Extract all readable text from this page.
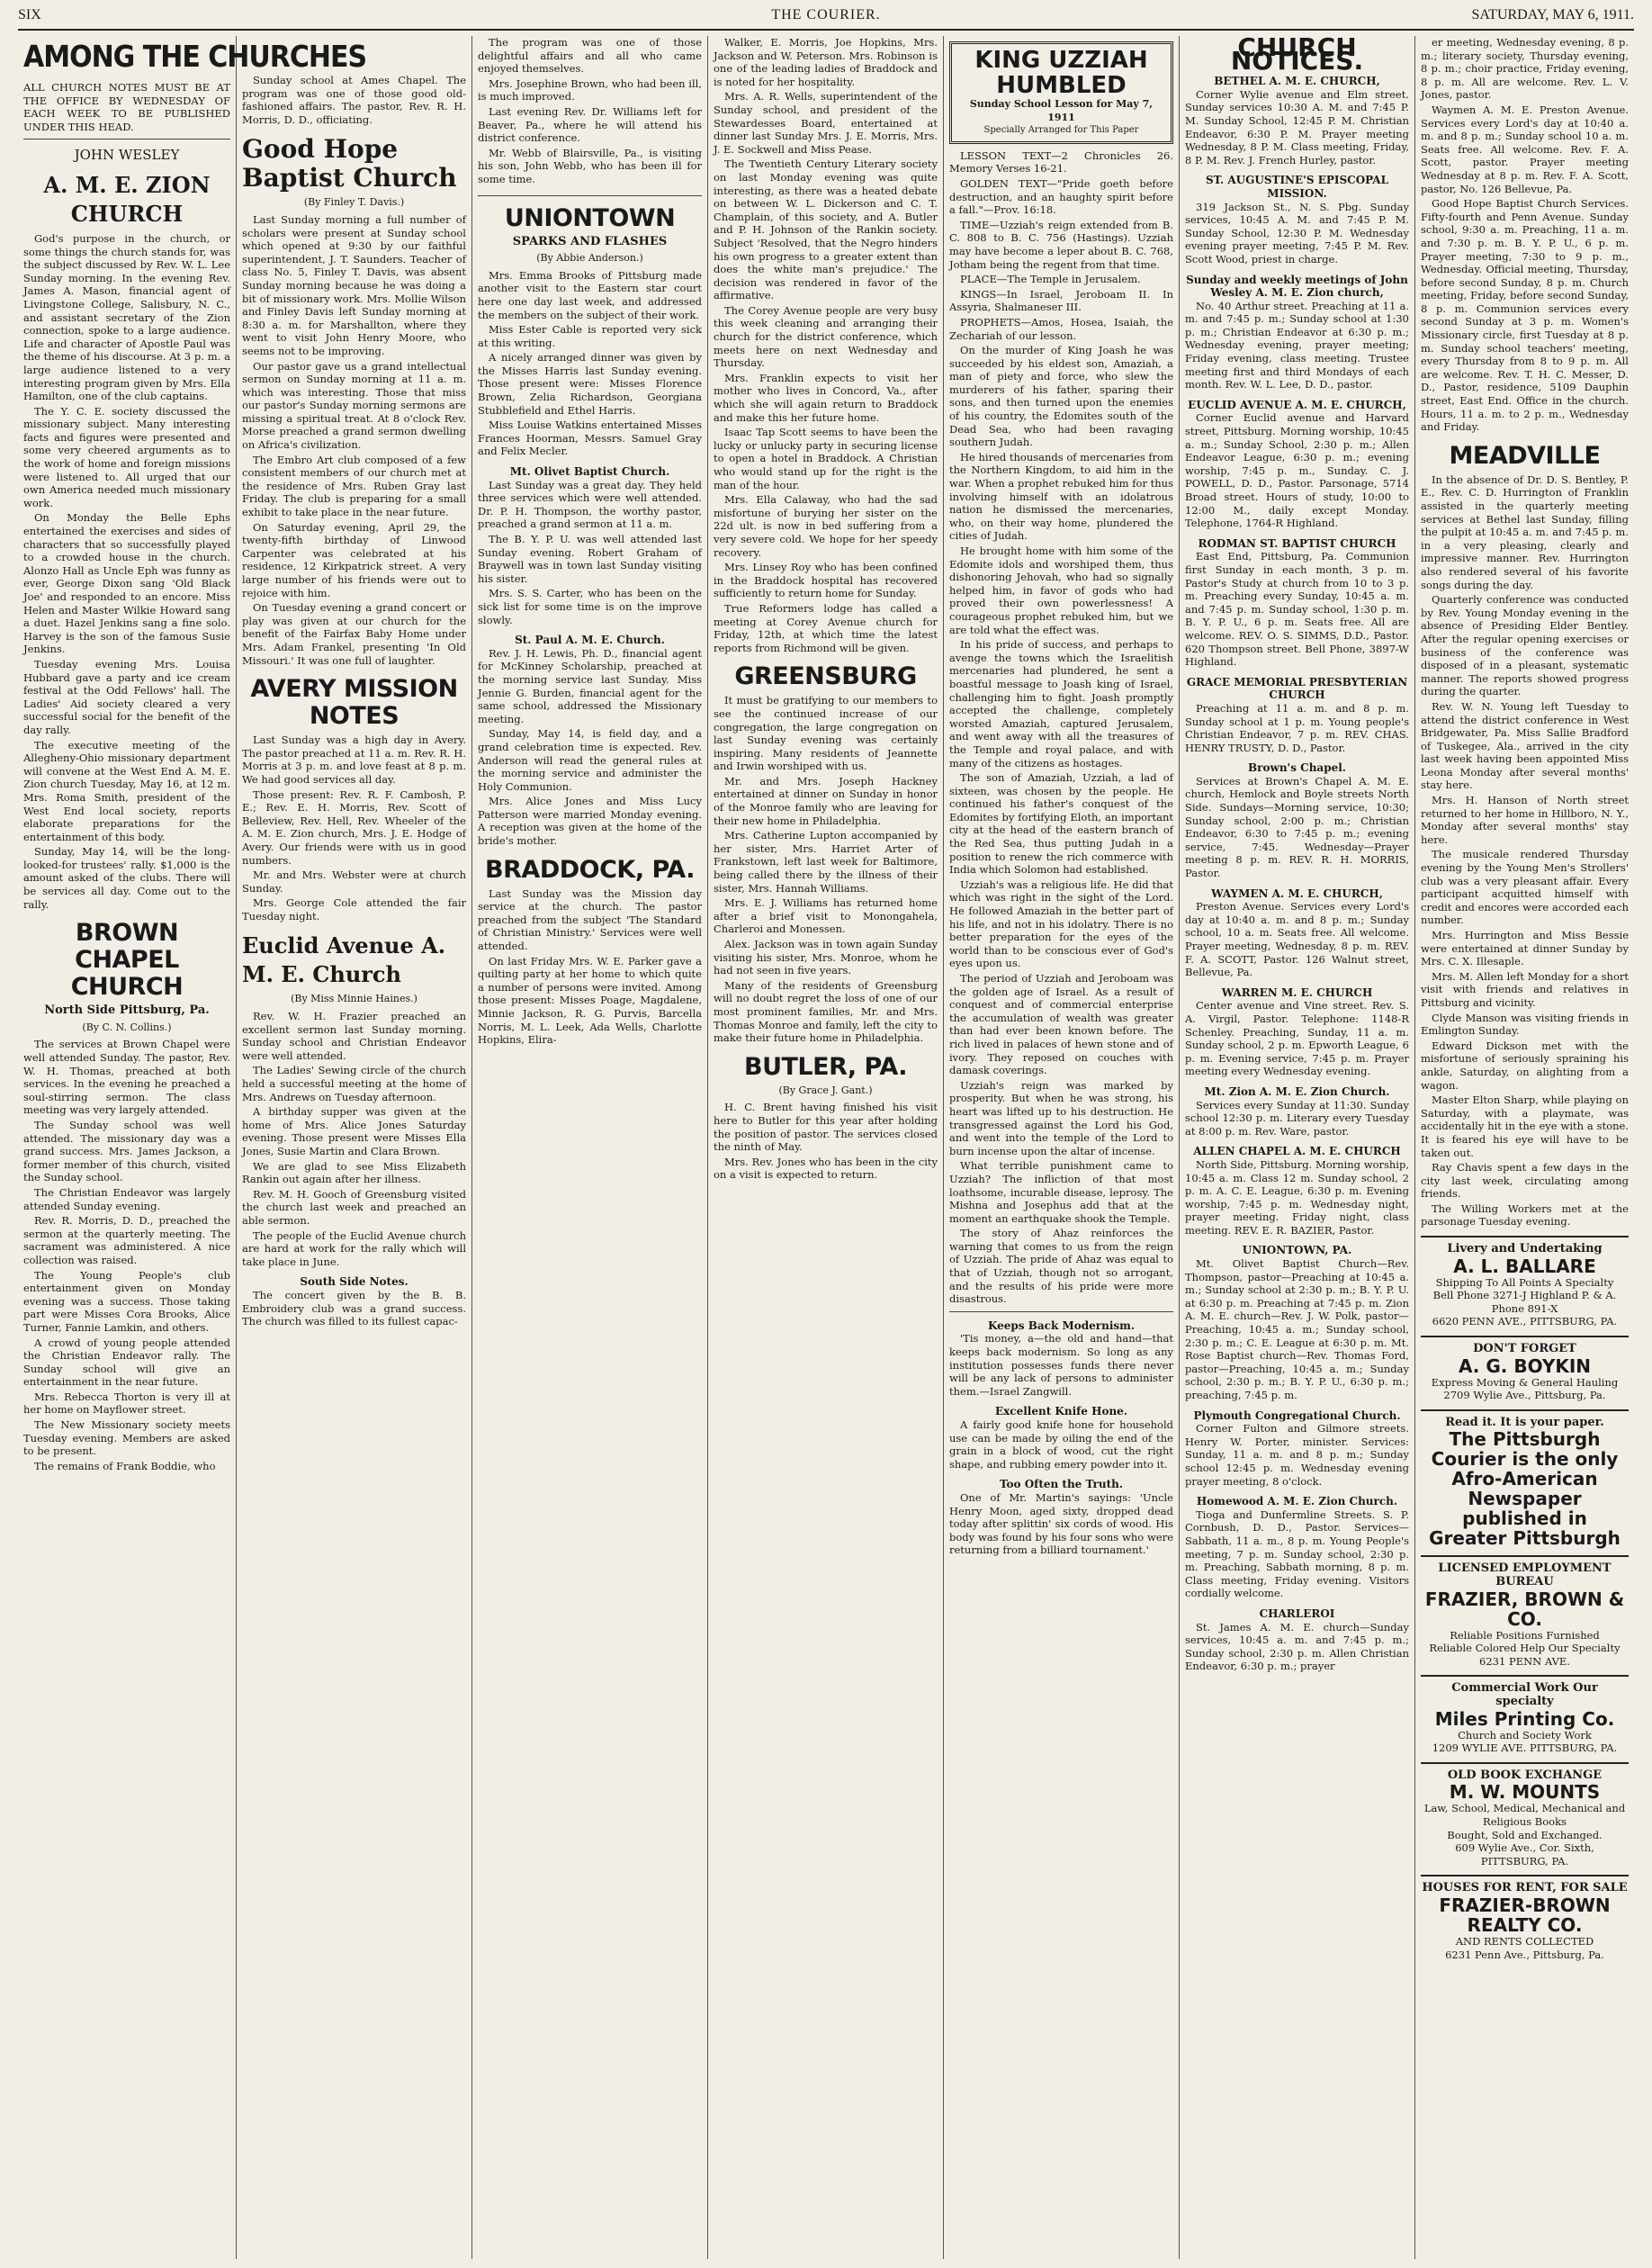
SIX	THE COURIER.	SATURDAY, MAY 6, 1911.
AMONG THE CHURCHES
ALL CHURCH NOTES MUST BE AT THE OFFICE BY WEDNESDAY OF EACH WEEK TO BE PUBLISHED UNDER THIS HEAD.
JOHN WESLEY
A. M. E. ZION CHURCH

God's purpose in the church, or some things the church stands for, was the subject discussed by Rev. W. L. Lee Sunday morning. In the evening Rev. James A. Mason, financial agent of Livingstone College, Salisbury, N. C., and assistant secretary of the Zion connection, spoke to a large audience. Life and character of Apostle Paul was the theme of his discourse. At 3 p. m. a large audience listened to a very interesting program given by Mrs. Ella Hamilton, one of the club captains.

The Y. C. E. society discussed the missionary subject. Many interesting facts and figures were presented and some very cheered arguments as to the work of home and foreign missions were listened to. All urged that our own America needed much missionary work.

On Monday the Belle Ephs entertained the exercises and sides of characters that so successfully played to a crowded house in the church. Alonzo Hall as Uncle Eph was funny as ever, George Dixon sang 'Old Black Joe' and responded to an encore. Miss Helen and Master Wilkie Howard sang a duet. Hazel Jenkins sang a fine solo. Harvey is the son of the famous Susie Jenkins.

Tuesday evening Mrs. Louisa Hubbard gave a party and ice cream festival at the Odd Fellows' hall. The Ladies' Aid society cleared a very successful social for the benefit of the day rally.

The executive meeting of the Allegheny-Ohio missionary department will convene at the West End A. M. E. Zion church Tuesday, May 16, at 12 m. Mrs. Roma Smith, president of the West End local society, reports elaborate preparations for the entertainment of this body.

Sunday, May 14, will be the long-looked-for trustees' rally. $1,000 is the amount asked of the clubs. There will be services all day. Come out to the rally.

BROWN CHAPEL CHURCH
North Side Pittsburg, Pa.
(By C. N. Collins.)

The services at Brown Chapel were well attended Sunday. The pastor, Rev. W. H. Thomas, preached at both services. In the evening he preached a soul-stirring sermon. The class meeting was very largely attended.

The Sunday school was well attended. The missionary day was a grand success. Mrs. James Jackson, a former member of this church, visited the Sunday school.

The Christian Endeavor was largely attended Sunday evening.

Rev. R. Morris, D. D., preached the sermon at the quarterly meeting. The sacrament was administered. A nice collection was raised.

The Young People's club entertainment given on Monday evening was a success. Those taking part were Misses Cora Brooks, Alice Turner, Fannie Lamkin, and others.

A crowd of young people attended the Christian Endeavor rally. The Sunday school will give an entertainment in the near future.

Mrs. Rebecca Thorton is very ill at her home on Mayflower street.

The New Missionary society meets Tuesday evening. Members are asked to be present.

The remains of Frank Boddie, who

Sunday school at Ames Chapel. The program was one of those good old-fashioned affairs. The pastor, Rev. R. H. Morris, D. D., officiating.

Good Hope Baptist Church
(By Finley T. Davis.)

Last Sunday morning a full number of scholars were present at Sunday school which opened at 9:30 by our faithful superintendent, J. T. Saunders. Teacher of class No. 5, Finley T. Davis, was absent Sunday morning because he was doing a bit of missionary work. Mrs. Mollie Wilson and Finley Davis left Sunday morning at 8:30 a. m. for Marshallton, where they went to visit John Henry Moore, who seems not to be improving.

Our pastor gave us a grand intellectual sermon on Sunday morning at 11 a. m. which was interesting. Those that miss our pastor's Sunday morning sermons are missing a spiritual treat. At 8 o'clock Rev. Morse preached a grand sermon dwelling on Africa's civilization.

The Embro Art club composed of a few consistent members of our church met at the residence of Mrs. Ruben Gray last Friday. The club is preparing for a small exhibit to take place in the near future.

On Saturday evening, April 29, the twenty-fifth birthday of Linwood Carpenter was celebrated at his residence, 12 Kirkpatrick street. A very large number of his friends were out to rejoice with him.

On Tuesday evening a grand concert or play was given at our church for the benefit of the Fairfax Baby Home under Mrs. Adam Frankel, presenting 'In Old Missouri.' It was one full of laughter.

AVERY MISSION NOTES

Last Sunday was a high day in Avery. The pastor preached at 11 a. m. Rev. R. H. Morris at 3 p. m. and love feast at 8 p. m. We had good services all day.

Those present: Rev. R. F. Cambosh, P. E.; Rev. E. H. Morris, Rev. Scott of Belleview, Rev. Hell, Rev. Wheeler of the A. M. E. Zion church, Mrs. J. E. Hodge of Avery. Our friends were with us in good numbers.

Mr. and Mrs. Webster were at church Sunday.

Mrs. George Cole attended the fair Tuesday night.

Euclid Avenue A. M. E. Church
(By Miss Minnie Haines.)

Rev. W. H. Frazier preached an excellent sermon last Sunday morning. Sunday school and Christian Endeavor were well attended.

The Ladies' Sewing circle of the church held a successful meeting at the home of Mrs. Andrews on Tuesday afternoon.

A birthday supper was given at the home of Mrs. Alice Jones Saturday evening. Those present were Misses Ella Jones, Susie Martin and Clara Brown.

We are glad to see Miss Elizabeth Rankin out again after her illness.

Rev. M. H. Gooch of Greensburg visited the church last week and preached an able sermon.

The people of the Euclid Avenue church are hard at work for the rally which will take place in June.

South Side Notes.

The concert given by the B. B. Embroidery club was a grand success. The church was filled to its fullest capac-

The program was one of those delightful affairs and all who came enjoyed themselves.

Mrs. Josephine Brown, who had been ill, is much improved.

Last evening Rev. Dr. Williams left for Beaver, Pa., where he will attend his district conference.

Mr. Webb of Blairsville, Pa., is visiting his son, John Webb, who has been ill for some time.

UNIONTOWN
SPARKS AND FLASHES
(By Abbie Anderson.)

Mrs. Emma Brooks of Pittsburg made another visit to the Eastern star court here one day last week, and addressed the members on the subject of their work.

Miss Ester Cable is reported very sick at this writing.

A nicely arranged dinner was given by the Misses Harris last Sunday evening. Those present were: Misses Florence Brown, Zelia Richardson, Georgiana Stubblefield and Ethel Harris.

Miss Louise Watkins entertained Misses Frances Hoorman, Messrs. Samuel Gray and Felix Mecler.

Mt. Olivet Baptist Church.

Last Sunday was a great day. They held three services which were well attended. Dr. P. H. Thompson, the worthy pastor, preached a grand sermon at 11 a. m.

The B. Y. P. U. was well attended last Sunday evening. Robert Graham of Braywell was in town last Sunday visiting his sister.

Mrs. S. S. Carter, who has been on the sick list for some time is on the improve slowly.

St. Paul A. M. E. Church.

Rev. J. H. Lewis, Ph. D., financial agent for McKinney Scholarship, preached at the morning service last Sunday. Miss Jennie G. Burden, financial agent for the same school, addressed the Missionary meeting.

Sunday, May 14, is field day, and a grand celebration time is expected. Rev. Anderson will read the general rules at the morning service and administer the Holy Communion.

Mrs. Alice Jones and Miss Lucy Patterson were married Monday evening. A reception was given at the home of the bride's mother.

BRADDOCK, PA.

Last Sunday was the Mission day service at the church. The pastor preached from the subject 'The Standard of Christian Ministry.' Services were well attended.

On last Friday Mrs. W. E. Parker gave a quilting party at her home to which quite a number of persons were invited. Among those present: Misses Poage, Magdalene, Minnie Jackson, R. G. Purvis, Barcella Norris, M. L. Leek, Ada Wells, Charlotte Hopkins, Elira-

Walker, E. Morris, Joe Hopkins, Mrs. Jackson and W. Peterson. Mrs. Robinson is one of the leading ladies of Braddock and is noted for her hospitality.

Mrs. A. R. Wells, superintendent of the Sunday school, and president of the Stewardesses Board, entertained at dinner last Sunday Mrs. J. E. Morris, Mrs. J. E. Sockwell and Miss Pease.

The Twentieth Century Literary society on last Monday evening was quite interesting, as there was a heated debate on between W. L. Dickerson and C. T. Champlain, of this society, and A. Butler and P. H. Johnson of the Rankin society. Subject 'Resolved, that the Negro hinders his own progress to a greater extent than does the white man's prejudice.' The decision was rendered in favor of the affirmative.

The Corey Avenue people are very busy this week cleaning and arranging their church for the district conference, which meets here on next Wednesday and Thursday.

Mrs. Franklin expects to visit her mother who lives in Concord, Va., after which she will again return to Braddock and make this her future home.

Isaac Tap Scott seems to have been the lucky or unlucky party in securing license to open a hotel in Braddock. A Christian who would stand up for the right is the man of the hour.

Mrs. Ella Calaway, who had the sad misfortune of burying her sister on the 22d ult. is now in bed suffering from a very severe cold. We hope for her speedy recovery.

Mrs. Linsey Roy who has been confined in the Braddock hospital has recovered sufficiently to return home for Sunday.

True Reformers lodge has called a meeting at Corey Avenue church for Friday, 12th, at which time the latest reports from Richmond will be given.

GREENSBURG

It must be gratifying to our members to see the continued increase of our congregation, the large congregation on last Sunday evening was certainly inspiring. Many residents of Jeannette and Irwin worshiped with us.

Mr. and Mrs. Joseph Hackney entertained at dinner on Sunday in honor of the Monroe family who are leaving for their new home in Philadelphia.

Mrs. Catherine Lupton accompanied by her sister, Mrs. Harriet Arter of Frankstown, left last week for Baltimore, being called there by the illness of their sister, Mrs. Hannah Williams.

Mrs. E. J. Williams has returned home after a brief visit to Monongahela, Charleroi and Monessen.

Alex. Jackson was in town again Sunday visiting his sister, Mrs. Monroe, whom he had not seen in five years.

Many of the residents of Greensburg will no doubt regret the loss of one of our most prominent families, Mr. and Mrs. Thomas Monroe and family, left the city to make their future home in Philadelphia.

BUTLER, PA.
(By Grace J. Gant.)

H. C. Brent having finished his visit here to Butler for this year after holding the position of pastor. The services closed the ninth of May.

Mrs. Rev. Jones who has been in the city on a visit is expected to return.

KING UZZIAH HUMBLED
Sunday School Lesson for May 7, 1911
Specially Arranged for This Paper

LESSON TEXT—2 Chronicles 26. Memory Verses 16-21.

GOLDEN TEXT—"Pride goeth before destruction, and an haughty spirit before a fall."—Prov. 16:18.

TIME—Uzziah's reign extended from B. C. 808 to B. C. 756 (Hastings). Uzziah may have become a leper about B. C. 768, Jotham being the regent from that time.

PLACE—The Temple in Jerusalem.

KINGS—In Israel, Jeroboam II. In Assyria, Shalmaneser III.

PROPHETS—Amos, Hosea, Isaiah, the Zechariah of our lesson.

On the murder of King Joash he was succeeded by his eldest son, Amaziah, a man of piety and force, who slew the murderers of his father, sparing their sons, and then turned upon the enemies of his country, the Edomites south of the Dead Sea, who had been ravaging southern Judah.

He hired thousands of mercenaries from the Northern Kingdom, to aid him in the war. When a prophet rebuked him for thus involving himself with an idolatrous nation he dismissed the mercenaries, who, on their way home, plundered the cities of Judah.

He brought home with him some of the Edomite idols and worshiped them, thus dishonoring Jehovah, who had so signally helped him, in favor of gods who had proved their own powerlessness! A courageous prophet rebuked him, but we are told what the effect was.

In his pride of success, and perhaps to avenge the towns which the Israelitish mercenaries had plundered, he sent a boastful message to Joash king of Israel, challenging him to fight. Joash promptly accepted the challenge, completely worsted Amaziah, captured Jerusalem, and went away with all the treasures of the Temple and royal palace, and with many of the citizens as hostages.

The son of Amaziah, Uzziah, a lad of sixteen, was chosen by the people. He continued his father's conquest of the Edomites by fortifying Eloth, an important city at the head of the eastern branch of the Red Sea, thus putting Judah in a position to renew the rich commerce with India which Solomon had established.

Uzziah's was a religious life. He did that which was right in the sight of the Lord. He followed Amaziah in the better part of his life, and not in his idolatry. There is no better preparation for the eyes of the world than to be conscious ever of God's eyes upon us.

The period of Uzziah and Jeroboam was the golden age of Israel. As a result of conquest and of commercial enterprise the accumulation of wealth was greater than had ever been known before. The rich lived in palaces of hewn stone and of ivory. They reposed on couches with damask coverings.

Uzziah's reign was marked by prosperity. But when he was strong, his heart was lifted up to his destruction. He transgressed against the Lord his God, and went into the temple of the Lord to burn incense upon the altar of incense.

What terrible punishment came to Uzziah? The infliction of that most loathsome, incurable disease, leprosy. The Mishna and Josephus add that at the moment an earthquake shook the Temple.

The story of Ahaz reinforces the warning that comes to us from the reign of Uzziah. The pride of Ahaz was equal to that of Uzziah, though not so arrogant, and the results of his pride were more disastrous.

Keeps Back Modernism.

'Tis money, a—the old and hand—that keeps back modernism. So long as any institution possesses funds there never will be any lack of persons to administer them.—Israel Zangwill.

Excellent Knife Hone.

A fairly good knife hone for household use can be made by oiling the end of the grain in a block of wood, cut the right shape, and rubbing emery powder into it.

Too Often the Truth.

One of Mr. Martin's sayings: 'Uncle Henry Moon, aged sixty, dropped dead today after splittin' six cords of wood. His body was found by his four sons who were returning from a billiard tournament.'

CHURCH NOTICES.
BETHEL A. M. E. CHURCH,

Corner Wylie avenue and Elm street. Sunday services 10:30 A. M. and 7:45 P. M. Sunday School, 12:45 P. M. Christian Endeavor, 6:30 P. M. Prayer meeting Wednesday, 8 P. M. Class meeting, Friday, 8 P. M. Rev. J. French Hurley, pastor.

ST. AUGUSTINE'S EPISCOPAL MISSION.

319 Jackson St., N. S. Pbg. Sunday services, 10:45 A. M. and 7:45 P. M. Sunday School, 12:30 P. M. Wednesday evening prayer meeting, 7:45 P. M. Rev. Scott Wood, priest in charge.

Sunday and weekly meetings of John Wesley A. M. E. Zion church,

No. 40 Arthur street. Preaching at 11 a. m. and 7:45 p. m.; Sunday school at 1:30 p. m.; Christian Endeavor at 6:30 p. m.; Wednesday evening, prayer meeting; Friday evening, class meeting. Trustee meeting first and third Mondays of each month. Rev. W. L. Lee, D. D., pastor.

EUCLID AVENUE A. M. E. CHURCH,

Corner Euclid avenue and Harvard street, Pittsburg. Morning worship, 10:45 a. m.; Sunday School, 2:30 p. m.; Allen Endeavor League, 6:30 p. m.; evening worship, 7:45 p. m., Sunday. C. J. POWELL, D. D., Pastor. Parsonage, 5714 Broad street. Hours of study, 10:00 to 12:00 M., daily except Monday. Telephone, 1764-R Highland.

RODMAN ST. BAPTIST CHURCH

East End, Pittsburg, Pa. Communion first Sunday in each month, 3 p. m. Pastor's Study at church from 10 to 3 p. m. Preaching every Sunday, 10:45 a. m. and 7:45 p. m. Sunday school, 1:30 p. m. B. Y. P. U., 6 p. m. Seats free. All are welcome. REV. O. S. SIMMS, D.D., Pastor. 620 Thompson street. Bell Phone, 3897-W Highland.

GRACE MEMORIAL PRESBYTERIAN CHURCH

Preaching at 11 a. m. and 8 p. m. Sunday school at 1 p. m. Young people's Christian Endeavor, 7 p. m. REV. CHAS. HENRY TRUSTY, D. D., Pastor.

Brown's Chapel.

Services at Brown's Chapel A. M. E. church, Hemlock and Boyle streets North Side. Sundays—Morning service, 10:30; Sunday school, 2:00 p. m.; Christian Endeavor, 6:30 to 7:45 p. m.; evening service, 7:45. Wednesday—Prayer meeting 8 p. m. REV. R. H. MORRIS, Pastor.

WAYMEN A. M. E. CHURCH,

Preston Avenue. Services every Lord's day at 10:40 a. m. and 8 p. m.; Sunday school, 10 a. m. Seats free. All welcome. Prayer meeting, Wednesday, 8 p. m. REV. F. A. SCOTT, Pastor. 126 Walnut street, Bellevue, Pa.

WARREN M. E. CHURCH

Center avenue and Vine street. Rev. S. A. Virgil, Pastor. Telephone: 1148-R Schenley. Preaching, Sunday, 11 a. m. Sunday school, 2 p. m. Epworth League, 6 p. m. Evening service, 7:45 p. m. Prayer meeting every Wednesday evening.

Mt. Zion A. M. E. Zion Church.

Services every Sunday at 11:30. Sunday school 12:30 p. m. Literary every Tuesday at 8:00 p. m. Rev. Ware, pastor.

ALLEN CHAPEL A. M. E. CHURCH

North Side, Pittsburg. Morning worship, 10:45 a. m. Class 12 m. Sunday school, 2 p. m. A. C. E. League, 6:30 p. m. Evening worship, 7:45 p. m. Wednesday night, prayer meeting. Friday night, class meeting. REV. E. R. BAZIER, Pastor.

UNIONTOWN, PA.

Mt. Olivet Baptist Church—Rev. Thompson, pastor—Preaching at 10:45 a. m.; Sunday school at 2:30 p. m.; B. Y. P. U. at 6:30 p. m. Preaching at 7:45 p. m. Zion A. M. E. church—Rev. J. W. Polk, pastor—Preaching, 10:45 a. m.; Sunday school, 2:30 p. m.; C. E. League at 6:30 p. m. Mt. Rose Baptist church—Rev. Thomas Ford, pastor—Preaching, 10:45 a. m.; Sunday school, 2:30 p. m.; B. Y. P. U., 6:30 p. m.; preaching, 7:45 p. m.

Plymouth Congregational Church.

Corner Fulton and Gilmore streets. Henry W. Porter, minister. Services: Sunday, 11 a. m. and 8 p. m.; Sunday school 12:45 p. m. Wednesday evening prayer meeting, 8 o'clock.

Homewood A. M. E. Zion Church.

Tioga and Dunfermline Streets. S. P. Cornbush, D. D., Pastor. Services—Sabbath, 11 a. m., 8 p. m. Young People's meeting, 7 p. m. Sunday school, 2:30 p. m. Preaching, Sabbath morning, 8 p. m. Class meeting, Friday evening. Visitors cordially welcome.

CHARLEROI

St. James A. M. E. church—Sunday services, 10:45 a. m. and 7:45 p. m.; Sunday school, 2:30 p. m. Allen Christian Endeavor, 6:30 p. m.; prayer

er meeting, Wednesday evening, 8 p. m.; literary society, Thursday evening, 8 p. m.; choir practice, Friday evening, 8 p. m. All are welcome. Rev. L. V. Jones, pastor.

Waymen A. M. E. Preston Avenue. Services every Lord's day at 10:40 a. m. and 8 p. m.; Sunday school 10 a. m. Seats free. All welcome. Rev. F. A. Scott, pastor. Prayer meeting Wednesday at 8 p. m. Rev. F. A. Scott, pastor, No. 126 Bellevue, Pa.

Good Hope Baptist Church Services. Fifty-fourth and Penn Avenue. Sunday school, 9:30 a. m. Preaching, 11 a. m. and 7:30 p. m. B. Y. P. U., 6 p. m. Prayer meeting, 7:30 to 9 p. m., Wednesday. Official meeting, Thursday, before second Sunday, 8 p. m. Church meeting, Friday, before second Sunday, 8 p. m. Communion services every second Sunday at 3 p. m. Women's Missionary circle, first Tuesday at 8 p. m. Sunday school teachers' meeting, every Thursday from 8 to 9 p. m. All are welcome. Rev. T. H. C. Messer, D. D., Pastor, residence, 5109 Dauphin street, East End. Office in the church. Hours, 11 a. m. to 2 p. m., Wednesday and Friday.

MEADVILLE

In the absence of Dr. D. S. Bentley, P. E., Rev. C. D. Hurrington of Franklin assisted in the quarterly meeting services at Bethel last Sunday, filling the pulpit at 10:45 a. m. and 7:45 p. m. in a very pleasing, clearly and impressive manner. Rev. Hurrington also rendered several of his favorite songs during the day.

Quarterly conference was conducted by Rev. Young Monday evening in the absence of Presiding Elder Bentley. After the regular opening exercises or business of the conference was disposed of in a pleasant, systematic manner. The reports showed progress during the quarter.

Rev. W. N. Young left Tuesday to attend the district conference in West Bridgewater, Pa. Miss Sallie Bradford of Tuskegee, Ala., arrived in the city last week having been appointed Miss Leona Monday after several months' stay here.

Mrs. H. Hanson of North street returned to her home in Hillboro, N. Y., Monday after several months' stay here.

The musicale rendered Thursday evening by the Young Men's Strollers' club was a very pleasant affair. Every participant acquitted himself with credit and encores were accorded each number.

Mrs. Hurrington and Miss Bessie were entertained at dinner Sunday by Mrs. C. X. Illesaple.

Mrs. M. Allen left Monday for a short visit with friends and relatives in Pittsburg and vicinity.

Clyde Manson was visiting friends in Emlington Sunday.

Edward Dickson met with the misfortune of seriously spraining his ankle, Saturday, on alighting from a wagon.

Master Elton Sharp, while playing on Saturday, with a playmate, was accidentally hit in the eye with a stone. It is feared his eye will have to be taken out.

Ray Chavis spent a few days in the city last week, circulating among friends.

The Willing Workers met at the parsonage Tuesday evening.

Livery and Undertaking
A. L. BALLARE
Shipping To All Points A Specialty
Bell Phone 3271-J Highland P. & A. Phone 891-X
6620 PENN AVE., PITTSBURG, PA.
DON'T FORGET
A. G. BOYKIN
Express Moving & General Hauling
2709 Wylie Ave., Pittsburg, Pa.
Read it. It is your paper.
The Pittsburgh Courier is the only Afro-American Newspaper published in Greater Pittsburgh
LICENSED EMPLOYMENT BUREAU
FRAZIER, BROWN & CO.
Reliable Positions Furnished
Reliable Colored Help Our Specialty
6231 PENN AVE.
Commercial Work Our specialty
Miles Printing Co.
Church and Society Work
1209 WYLIE AVE. PITTSBURG, PA.
OLD BOOK EXCHANGE
M. W. MOUNTS
Law, School, Medical, Mechanical and Religious Books
Bought, Sold and Exchanged.
609 Wylie Ave., Cor. Sixth, PITTSBURG, PA.
HOUSES FOR RENT, FOR SALE
FRAZIER-BROWN REALTY CO.
AND RENTS COLLECTED
6231 Penn Ave., Pittsburg, Pa.
